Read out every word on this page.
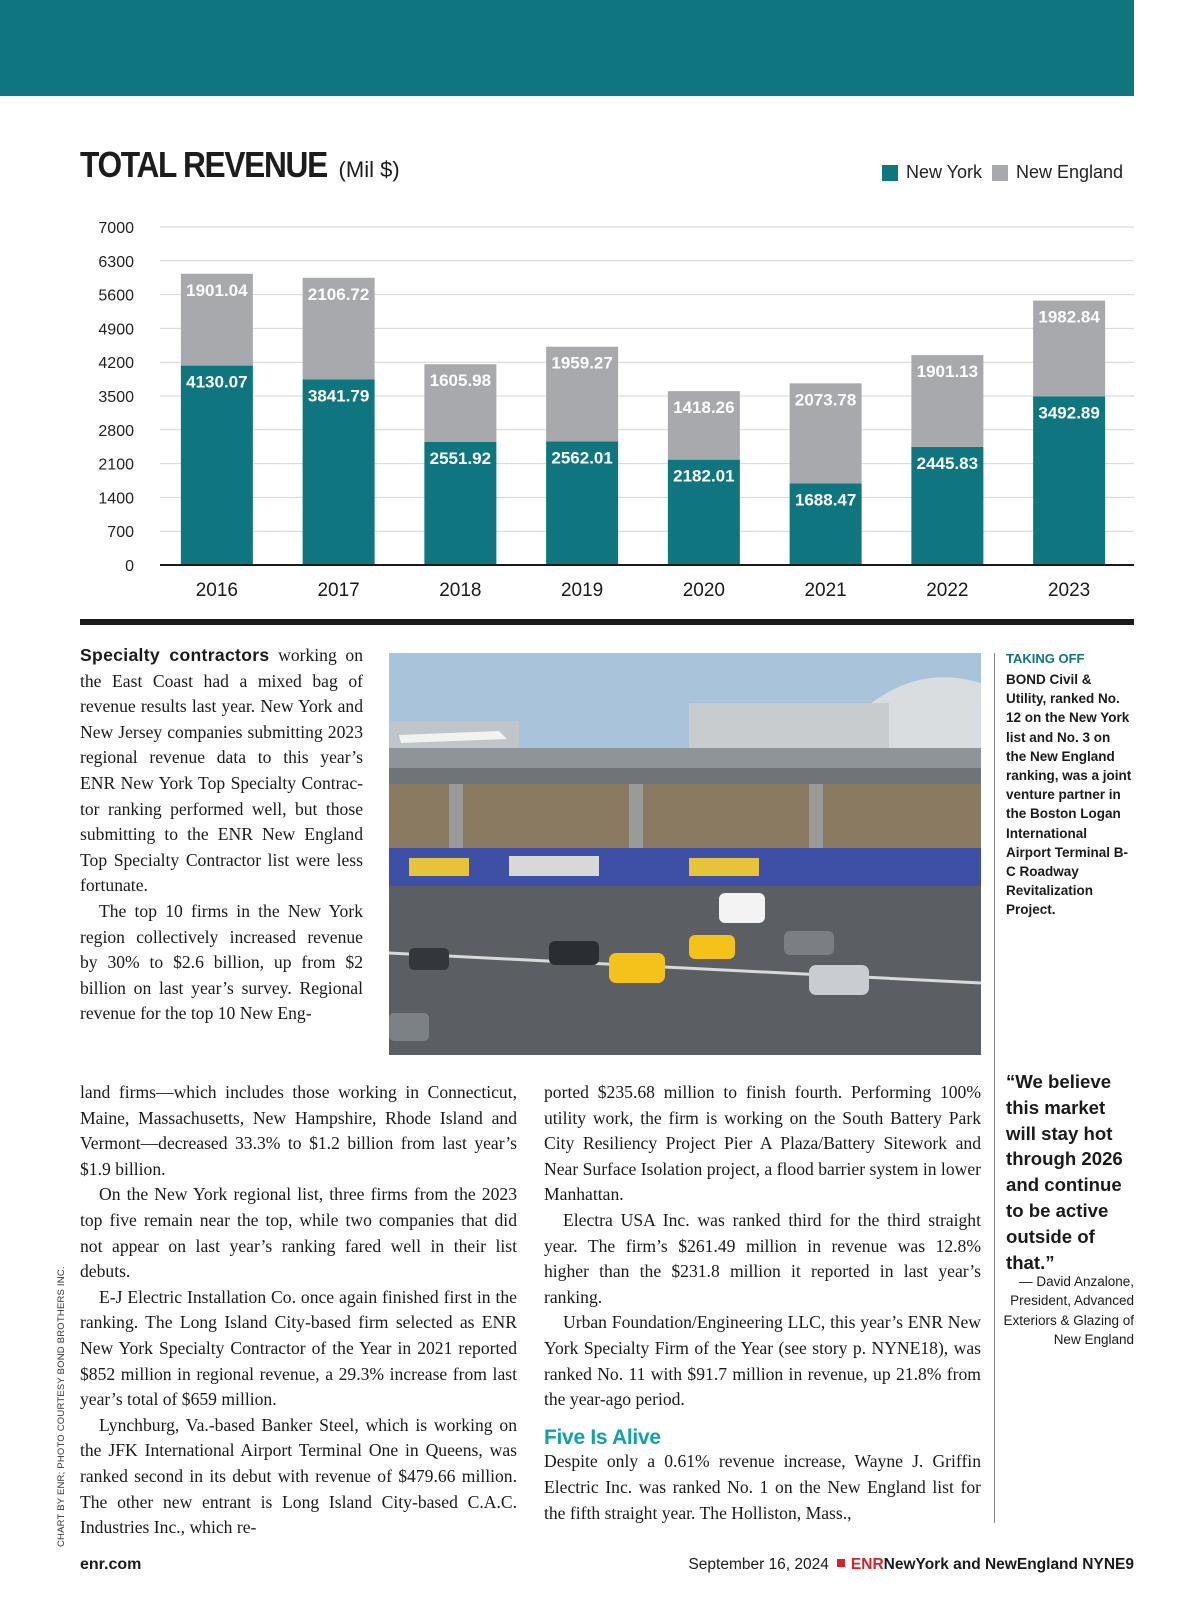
TOTAL REVENUE (Mil $)	New York New England
0
700
1400
2100
2800
3500
4200
4900
5600
6300
7000
4130.07
1901.04
2016
3841.79
2106.72
2017
2551.92
1605.98
2018
2562.01
1959.27
2019
2182.01
1418.26
2020
1688.47
2073.78
2021
2445.83
1901.13
2022
3492.89
1982.84
2023

Specialty contractors working on the East Coast had a mixed bag of revenue results last year. New York and New Jersey companies submitting 2023 regional revenue data to this year’s ENR New York Top Specialty Contractor ranking performed well, but those submitting to the ENR New England Top Specialty Contractor list were less fortunate.

The top 10 firms in the New York region collectively increased revenue by 30% to $2.6 billion, up from $2 billion on last year’s survey. Regional revenue for the top 10 New Eng-

land firms—which includes those working in Connecticut, Maine, Massachusetts, New Hampshire, Rhode Island and Vermont—decreased 33.3% to $1.2 billion from last year’s $1.9 billion.

On the New York regional list, three firms from the 2023 top five remain near the top, while two companies that did not appear on last year’s ranking fared well in their list debuts.

E-J Electric Installation Co. once again finished first in the ranking. The Long Island City-based firm selected as ENR New York Specialty Contractor of the Year in 2021 reported $852 million in regional revenue, a 29.3% increase from last year’s total of $659 million.

Lynchburg, Va.-based Banker Steel, which is working on the JFK International Airport Terminal One in Queens, was ranked second in its debut with revenue of $479.66 million. The other new entrant is Long Island City-based C.A.C. Industries Inc., which re-

ported $235.68 million to finish fourth. Performing 100% utility work, the firm is working on the South Battery Park City Resiliency Project Pier A Plaza/Battery Sitework and Near Surface Isolation project, a flood barrier system in lower Manhattan.

Electra USA Inc. was ranked third for the third straight year. The firm’s $261.49 million in revenue was 12.8% higher than the $231.8 million it reported in last year’s ranking.

Urban Foundation/Engineering LLC, this year’s ENR New York Specialty Firm of the Year (see story p. NYNE18), was ranked No. 11 with $91.7 million in revenue, up 21.8% from the year-ago period.

Five Is Alive

Despite only a 0.61% revenue increase, Wayne J. Griffin Electric Inc. was ranked No. 1 on the New England list for the fifth straight year. The Holliston, Mass.,

TAKING OFF
BOND Civil & Utility, ranked No. 12 on the New York list and No. 3 on the New England ranking, was a joint venture partner in the Boston Logan International Airport Terminal B-C Roadway Revitalization Project.
“We believe this market will stay hot through 2026 and continue to be active outside of that.”
— David Anzalone, President, Advanced Exteriors & Glazing of New England
CHART BY ENR; PHOTO COURTESY BOND BROTHERS INC.
enr.com	September 16, 2024 ENRNewYork and NewEngland NYNE9
